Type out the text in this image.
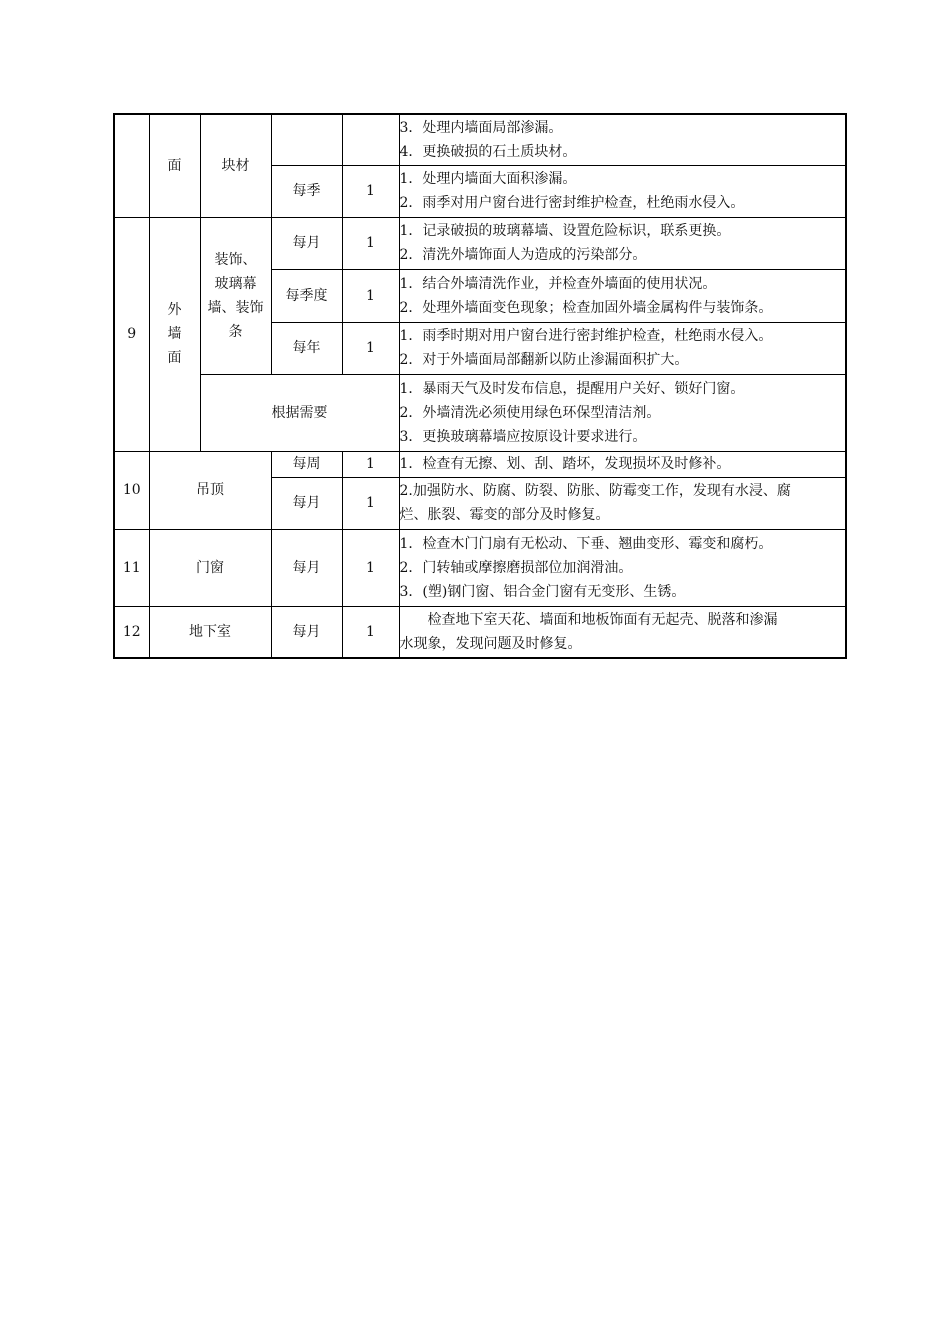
	面	块材			3．处理内墙面局部渗漏。
4．更换破损的石土质块材。

			每季	1	1．处理内墙面大面积渗漏。
2．雨季对用户窗台进行密封维护检查，杜绝雨水侵入。

9	外
墙
面	装饰、
玻璃幕
墙、装饰
条	每月	1	1．记录破损的玻璃幕墙、设置危险标识，联系更换。
2．清洗外墙饰面人为造成的污染部分。

			每季度	1	1．结合外墙清洗作业，并检查外墙面的使用状况。
2．处理外墙面变色现象；检查加固外墙金属构件与装饰条。

			每年	1	1．雨季时期对用户窗台进行密封维护检查，杜绝雨水侵入。
2．对于外墙面局部翻新以防止渗漏面积扩大。

		根据需要			1．暴雨天气及时发布信息，提醒用户关好、锁好门窗。
2．外墙清洗必须使用绿色环保型清洁剂。
3．更换玻璃幕墙应按原设计要求进行。

10	吊顶		每周	1	1．检查有无擦、划、刮、踏坏，发现损坏及时修补。

			每月	1	2.加强防水、防腐、防裂、防胀、防霉变工作，发现有水浸、腐
烂、胀裂、霉变的部分及时修复。

11	门窗		每月	1	1．检查木门门扇有无松动、下垂、翘曲变形、霉变和腐朽。
2．门转轴或摩擦磨损部位加润滑油。
3．(塑)钢门窗、铝合金门窗有无变形、生锈。

12	地下室		每月	1	检查地下室天花、墙面和地板饰面有无起壳、脱落和渗漏
水现象，发现问题及时修复。
